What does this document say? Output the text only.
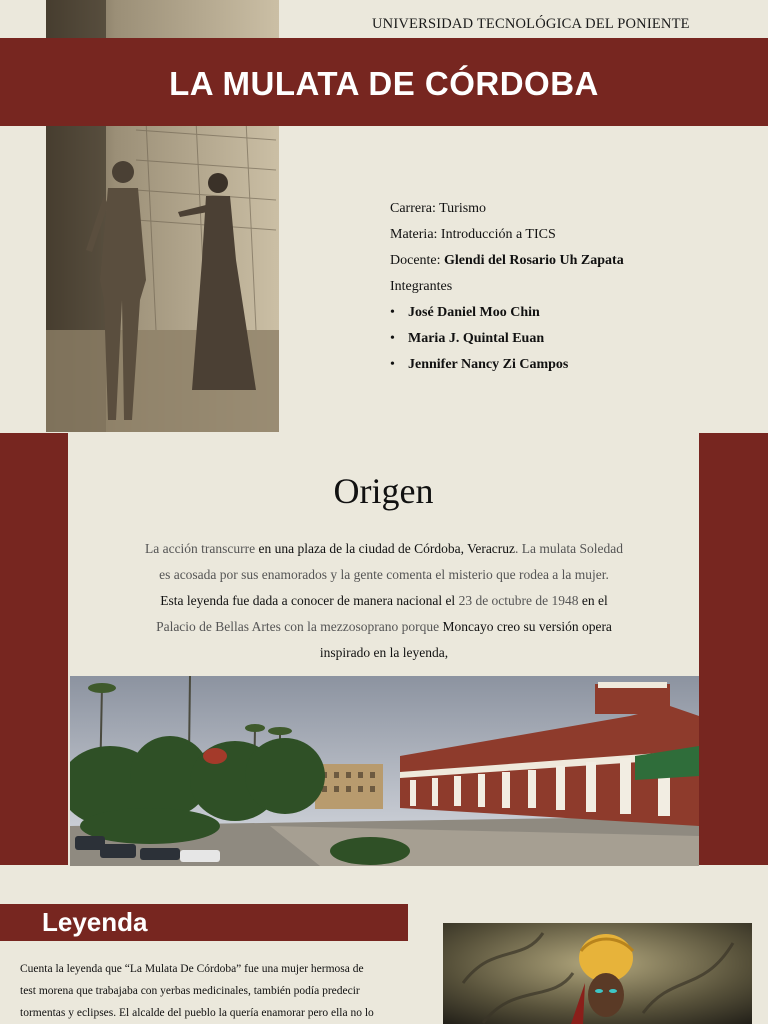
UNIVERSIDAD TECNOLÓGICA DEL PONIENTE
LA MULATA DE CÓRDOBA
Carrera: Turismo
Materia: Introducción a TICS
Docente: Glendi del Rosario Uh Zapata
Integrantes
• José Daniel Moo Chin
• Maria J. Quintal Euan
• Jennifer Nancy Zi Campos
Origen
La acción transcurre en una plaza de la ciudad de Córdoba, Veracruz. La mulata Soledad
es acosada por sus enamorados y la gente comenta el misterio que rodea a la mujer.
Esta leyenda fue dada a conocer de manera nacional el 23 de octubre de 1948 en el
Palacio de Bellas Artes con la mezzosoprano porque Moncayo creo su versión opera
inspirado en la leyenda,
Leyenda
Cuenta la leyenda que “La Mulata De Córdoba” fue una mujer hermosa de
test morena que trabajaba con yerbas medicinales, también podía predecir
tormentas y eclipses. El alcalde del pueblo la quería enamorar pero ella no lo
